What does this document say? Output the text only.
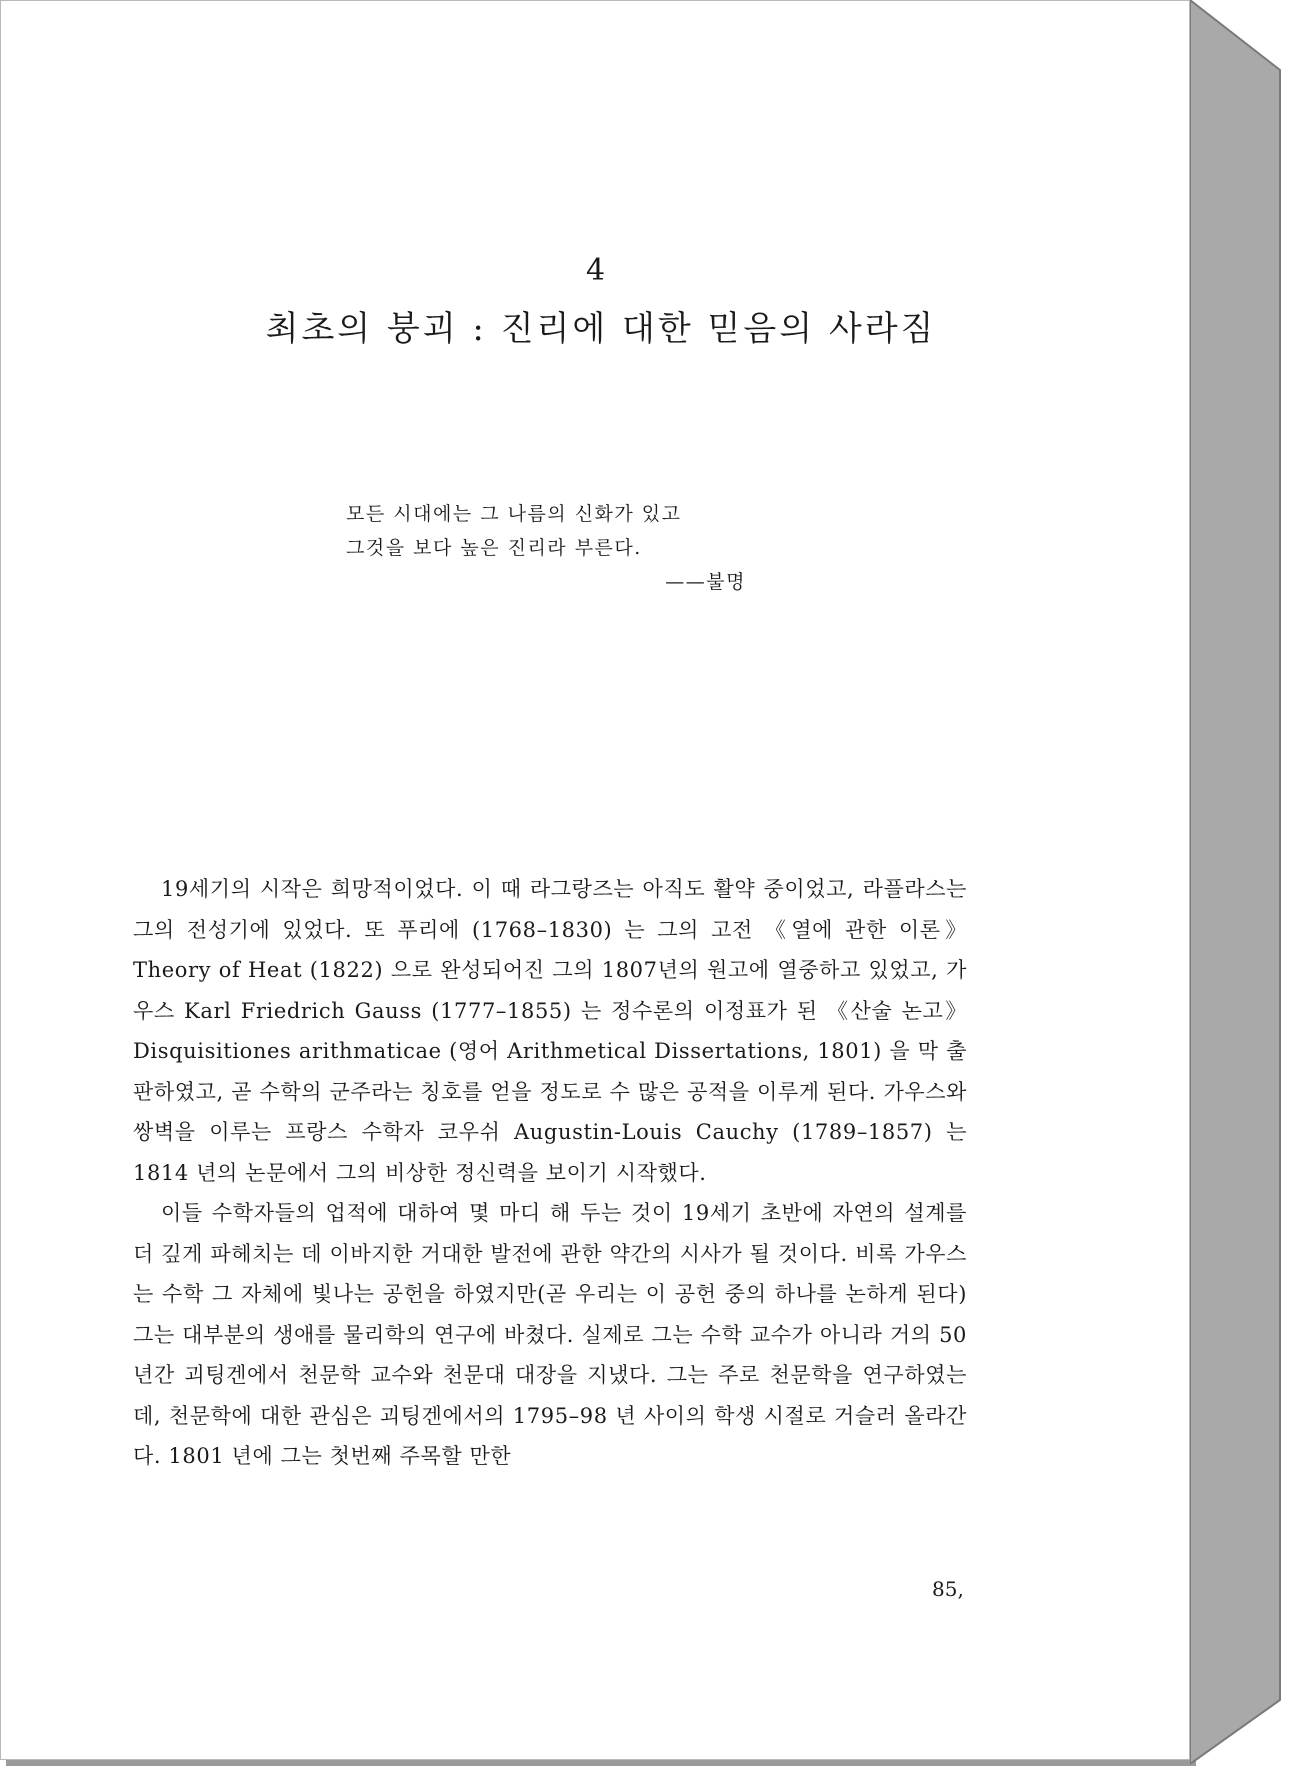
4
최초의 붕괴 : 진리에 대한 믿음의 사라짐
모든 시대에는 그 나름의 신화가 있고
그것을 보다 높은 진리라 부른다.
——불명

19세기의 시작은 희망적이었다. 이 때 라그랑즈는 아직도 활약 중이었고, 라플라스는 그의 전성기에 있었다. 또 푸리에 (1768–1830) 는 그의 고전 《열에 관한 이론》 Theory of Heat (1822) 으로 완성되어진 그의 1807년의 원고에 열중하고 있었고, 가우스 Karl Friedrich Gauss (1777–1855) 는 정수론의 이정표가 된 《산술 논고》 Disquisitiones arithmaticae (영어 Arithmetical Dissertations, 1801) 을 막 출판하였고, 곧 수학의 군주라는 칭호를 얻을 정도로 수 많은 공적을 이루게 된다. 가우스와 쌍벽을 이루는 프랑스 수학자 코우쉬 Augustin-Louis Cauchy (1789–1857) 는 1814 년의 논문에서 그의 비상한 정신력을 보이기 시작했다.

이들 수학자들의 업적에 대하여 몇 마디 해 두는 것이 19세기 초반에 자연의 설계를 더 깊게 파헤치는 데 이바지한 거대한 발전에 관한 약간의 시사가 될 것이다. 비록 가우스는 수학 그 자체에 빛나는 공헌을 하였지만(곧 우리는 이 공헌 중의 하나를 논하게 된다) 그는 대부분의 생애를 물리학의 연구에 바쳤다. 실제로 그는 수학 교수가 아니라 거의 50년간 괴팅겐에서 천문학 교수와 천문대 대장을 지냈다. 그는 주로 천문학을 연구하였는데, 천문학에 대한 관심은 괴팅겐에서의 1795–98 년 사이의 학생 시절로 거슬러 올라간다. 1801 년에 그는 첫번째 주목할 만한

85,
